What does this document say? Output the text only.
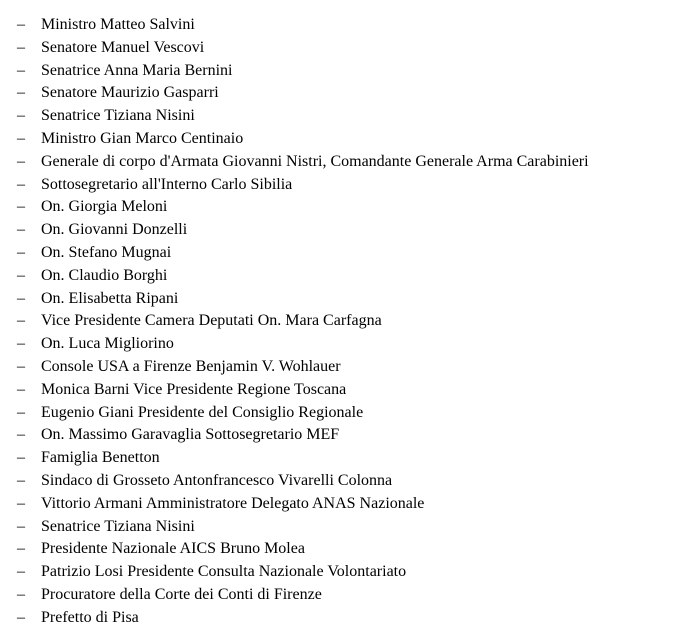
– Ministro Matteo Salvini
– Senatore Manuel Vescovi
– Senatrice Anna Maria Bernini
– Senatore Maurizio Gasparri
– Senatrice Tiziana Nisini
– Ministro Gian Marco Centinaio
– Generale di corpo d'Armata Giovanni Nistri, Comandante Generale Arma Carabinieri
– Sottosegretario all'Interno Carlo Sibilia
– On. Giorgia Meloni
– On. Giovanni Donzelli
– On. Stefano Mugnai
– On. Claudio Borghi
– On. Elisabetta Ripani
– Vice Presidente Camera Deputati On. Mara Carfagna
– On. Luca Migliorino
– Console USA a Firenze Benjamin V. Wohlauer
– Monica Barni Vice Presidente Regione Toscana
– Eugenio Giani Presidente del Consiglio Regionale
– On. Massimo Garavaglia Sottosegretario MEF
– Famiglia Benetton
– Sindaco di Grosseto Antonfrancesco Vivarelli Colonna
– Vittorio Armani Amministratore Delegato ANAS Nazionale
– Senatrice Tiziana Nisini
– Presidente Nazionale AICS Bruno Molea
– Patrizio Losi Presidente Consulta Nazionale Volontariato
– Procuratore della Corte dei Conti di Firenze
– Prefetto di Pisa
